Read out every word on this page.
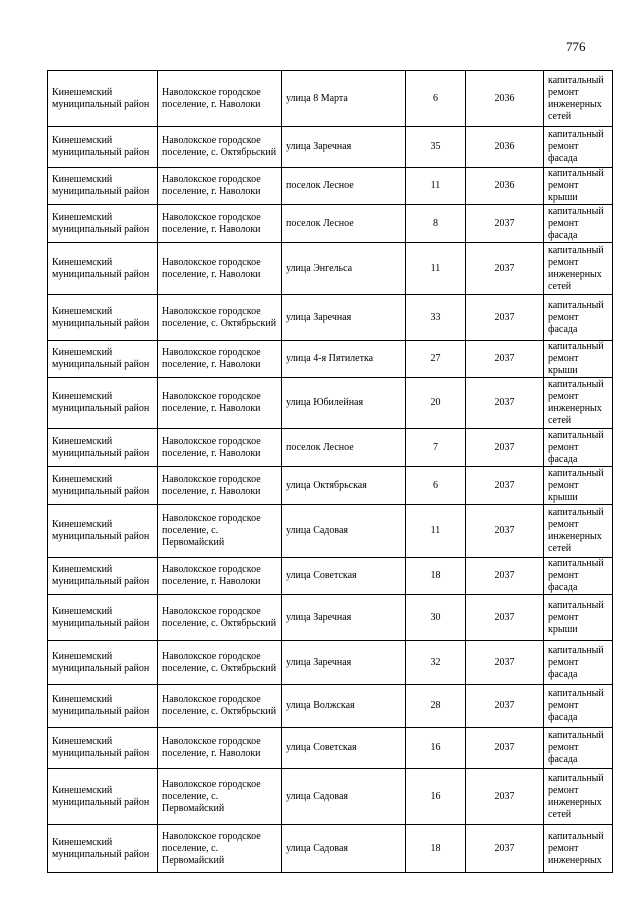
776
Кинешемский муниципальный район	Наволокское городское поселение, г. Наволоки	улица 8 Марта	6	2036	капитальный ремонт инженерных сетей
Кинешемский муниципальный район	Наволокское городское поселение, с. Октябрьский	улица Заречная	35	2036	капитальный ремонт фасада
Кинешемский муниципальный район	Наволокское городское поселение, г. Наволоки	поселок Лесное	11	2036	капитальный ремонт крыши
Кинешемский муниципальный район	Наволокское городское поселение, г. Наволоки	поселок Лесное	8	2037	капитальный ремонт фасада
Кинешемский муниципальный район	Наволокское городское поселение, г. Наволоки	улица Энгельса	11	2037	капитальный ремонт инженерных сетей
Кинешемский муниципальный район	Наволокское городское поселение, с. Октябрьский	улица Заречная	33	2037	капитальный ремонт фасада
Кинешемский муниципальный район	Наволокское городское поселение, г. Наволоки	улица 4-я Пятилетка	27	2037	капитальный ремонт крыши
Кинешемский муниципальный район	Наволокское городское поселение, г. Наволоки	улица Юбилейная	20	2037	капитальный ремонт инженерных сетей
Кинешемский муниципальный район	Наволокское городское поселение, г. Наволоки	поселок Лесное	7	2037	капитальный ремонт фасада
Кинешемский муниципальный район	Наволокское городское поселение, г. Наволоки	улица Октябрьская	6	2037	капитальный ремонт крыши
Кинешемский муниципальный район	Наволокское городское поселение, с. Первомайский	улица Садовая	11	2037	капитальный ремонт инженерных сетей
Кинешемский муниципальный район	Наволокское городское поселение, г. Наволоки	улица Советская	18	2037	капитальный ремонт фасада
Кинешемский муниципальный район	Наволокское городское поселение, с. Октябрьский	улица Заречная	30	2037	капитальный ремонт крыши
Кинешемский муниципальный район	Наволокское городское поселение, с. Октябрьский	улица Заречная	32	2037	капитальный ремонт фасада
Кинешемский муниципальный район	Наволокское городское поселение, с. Октябрьский	улица Волжская	28	2037	капитальный ремонт фасада
Кинешемский муниципальный район	Наволокское городское поселение, г. Наволоки	улица Советская	16	2037	капитальный ремонт фасада
Кинешемский муниципальный район	Наволокское городское поселение, с. Первомайский	улица Садовая	16	2037	капитальный ремонт инженерных сетей
Кинешемский муниципальный район	Наволокское городское поселение, с. Первомайский	улица Садовая	18	2037	капитальный ремонт инженерных
